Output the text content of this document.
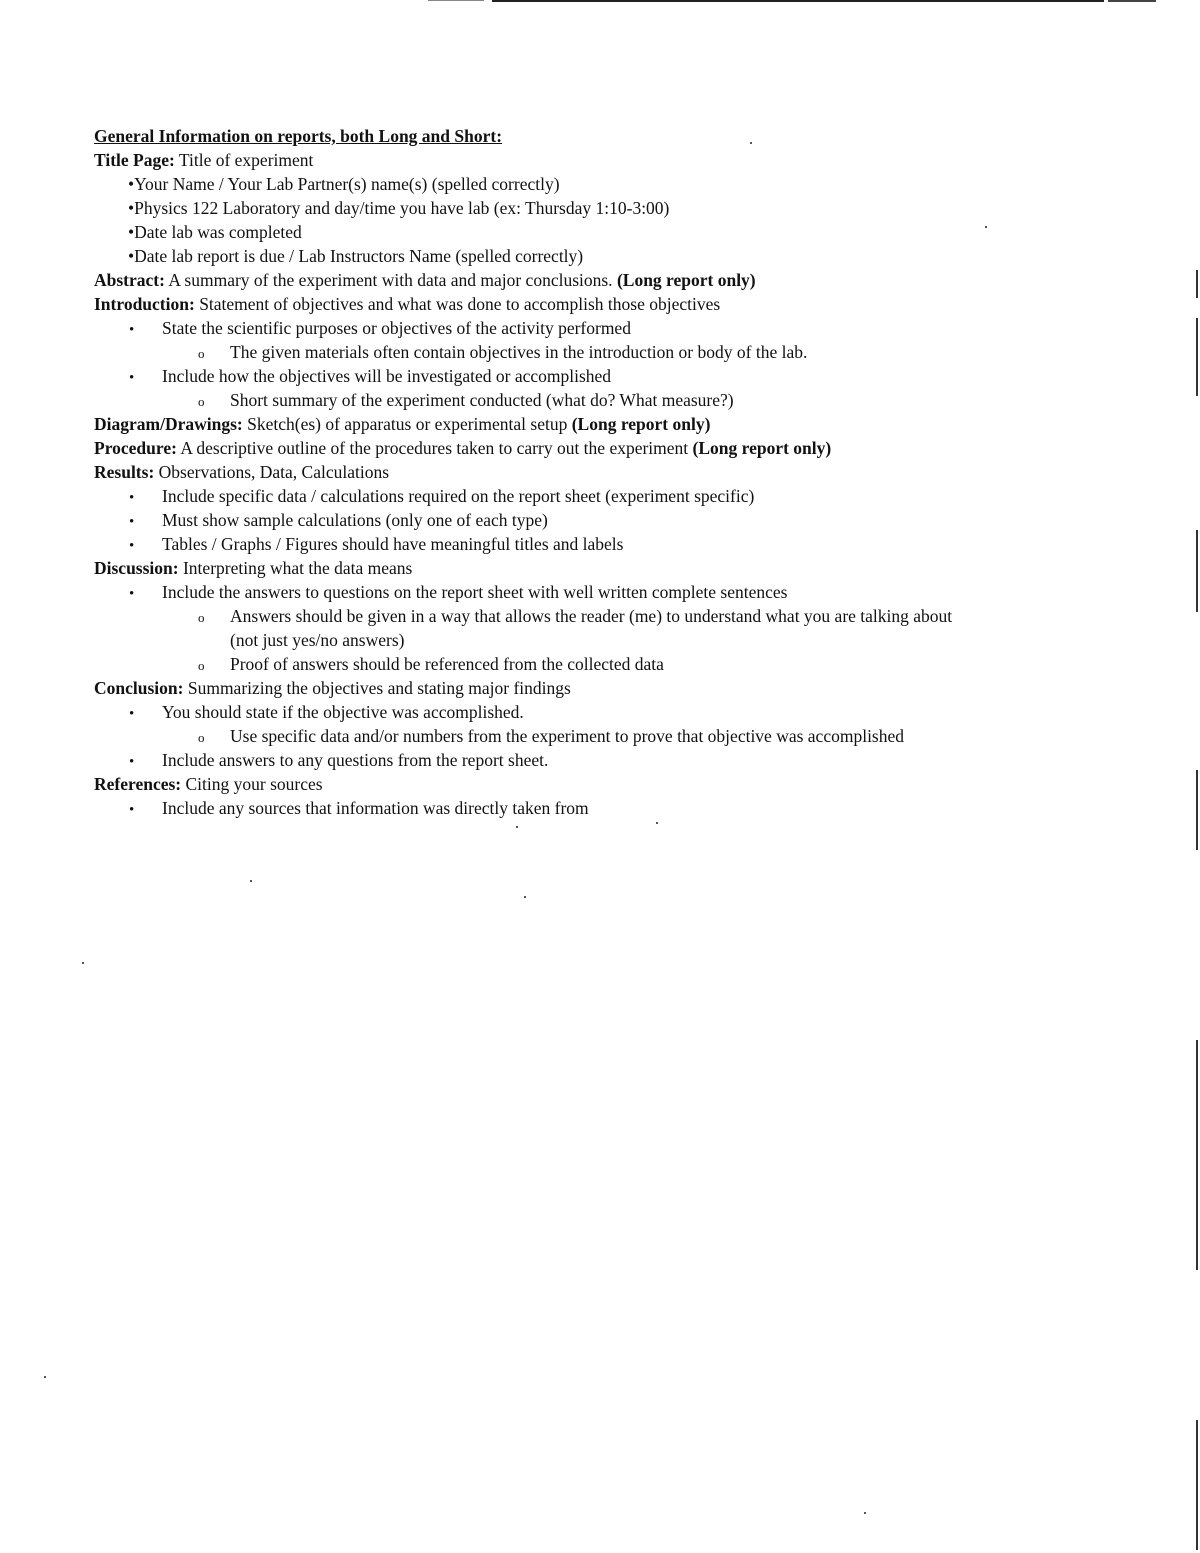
General Information on reports, both Long and Short:
Title Page: Title of experiment
•Your Name / Your Lab Partner(s) name(s) (spelled correctly)
•Physics 122 Laboratory and day/time you have lab (ex: Thursday 1:10-3:00)
•Date lab was completed
•Date lab report is due / Lab Instructors Name (spelled correctly)
Abstract: A summary of the experiment with data and major conclusions. (Long report only)
Introduction: Statement of objectives and what was done to accomplish those objectives
• State the scientific purposes or objectives of the activity performed
o The given materials often contain objectives in the introduction or body of the lab.
• Include how the objectives will be investigated or accomplished
o Short summary of the experiment conducted (what do? What measure?)
Diagram/Drawings: Sketch(es) of apparatus or experimental setup (Long report only)
Procedure: A descriptive outline of the procedures taken to carry out the experiment (Long report only)
Results: Observations, Data, Calculations
• Include specific data / calculations required on the report sheet (experiment specific)
• Must show sample calculations (only one of each type)
• Tables / Graphs / Figures should have meaningful titles and labels
Discussion: Interpreting what the data means
• Include the answers to questions on the report sheet with well written complete sentences
o Answers should be given in a way that allows the reader (me) to understand what you are talking about
(not just yes/no answers)
o Proof of answers should be referenced from the collected data
Conclusion: Summarizing the objectives and stating major findings
• You should state if the objective was accomplished.
o Use specific data and/or numbers from the experiment to prove that objective was accomplished
• Include answers to any questions from the report sheet.
References: Citing your sources
• Include any sources that information was directly taken from
